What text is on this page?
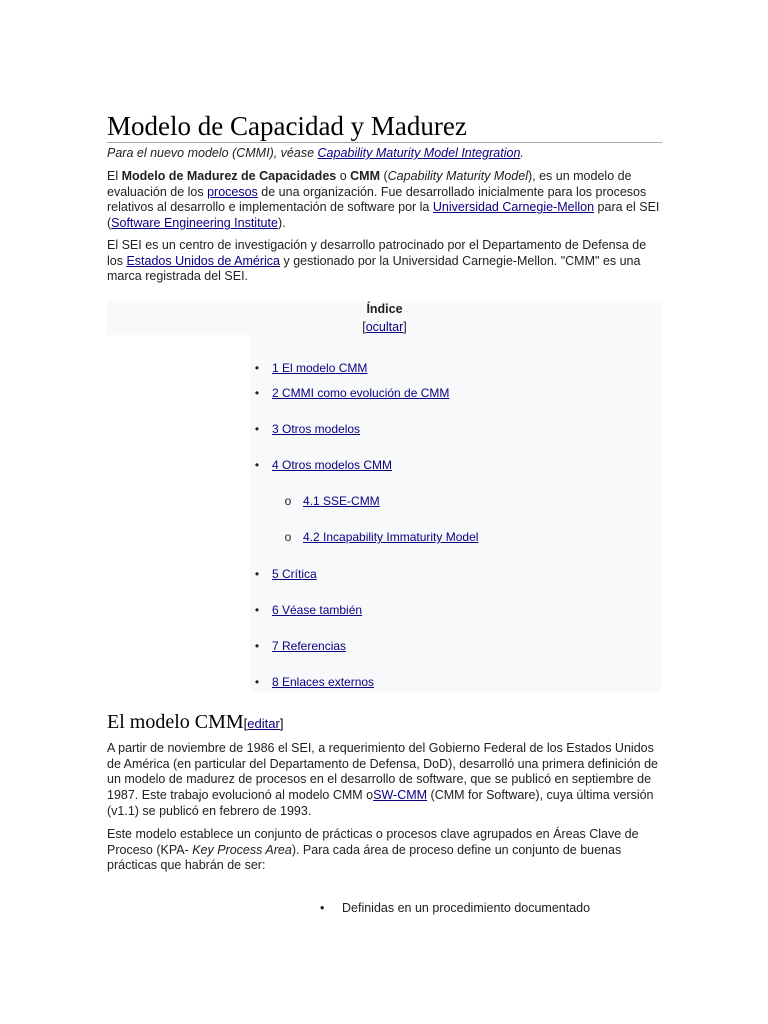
Modelo de Capacidad y Madurez
Para el nuevo modelo (CMMI), véase Capability Maturity Model Integration.

El Modelo de Madurez de Capacidades o CMM (Capability Maturity Model), es un modelo de evaluación de los procesos de una organización. Fue desarrollado inicialmente para los procesos relativos al desarrollo e implementación de software por la Universidad Carnegie-Mellon para el SEI (Software Engineering Institute).

El SEI es un centro de investigación y desarrollo patrocinado por el Departamento de Defensa de los Estados Unidos de América y gestionado por la Universidad Carnegie-Mellon. "CMM" es una marca registrada del SEI.

Índice
[ocultar]
• 1 El modelo CMM
• 2 CMMI como evolución de CMM
• 3 Otros modelos
• 4 Otros modelos CMM
o 4.1 SSE-CMM
o 4.2 Incapability Immaturity Model
• 5 Crítica
• 6 Véase también
• 7 Referencias
• 8 Enlaces externos
El modelo CMM[editar]

A partir de noviembre de 1986 el SEI, a requerimiento del Gobierno Federal de los Estados Unidos de América (en particular del Departamento de Defensa, DoD), desarrolló una primera definición de un modelo de madurez de procesos en el desarrollo de software, que se publicó en septiembre de 1987. Este trabajo evolucionó al modelo CMM oSW-CMM (CMM for Software), cuya última versión (v1.1) se publicó en febrero de 1993.

Este modelo establece un conjunto de prácticas o procesos clave agrupados en Áreas Clave de Proceso (KPA- Key Process Area). Para cada área de proceso define un conjunto de buenas prácticas que habrán de ser:

• Definidas en un procedimiento documentado
